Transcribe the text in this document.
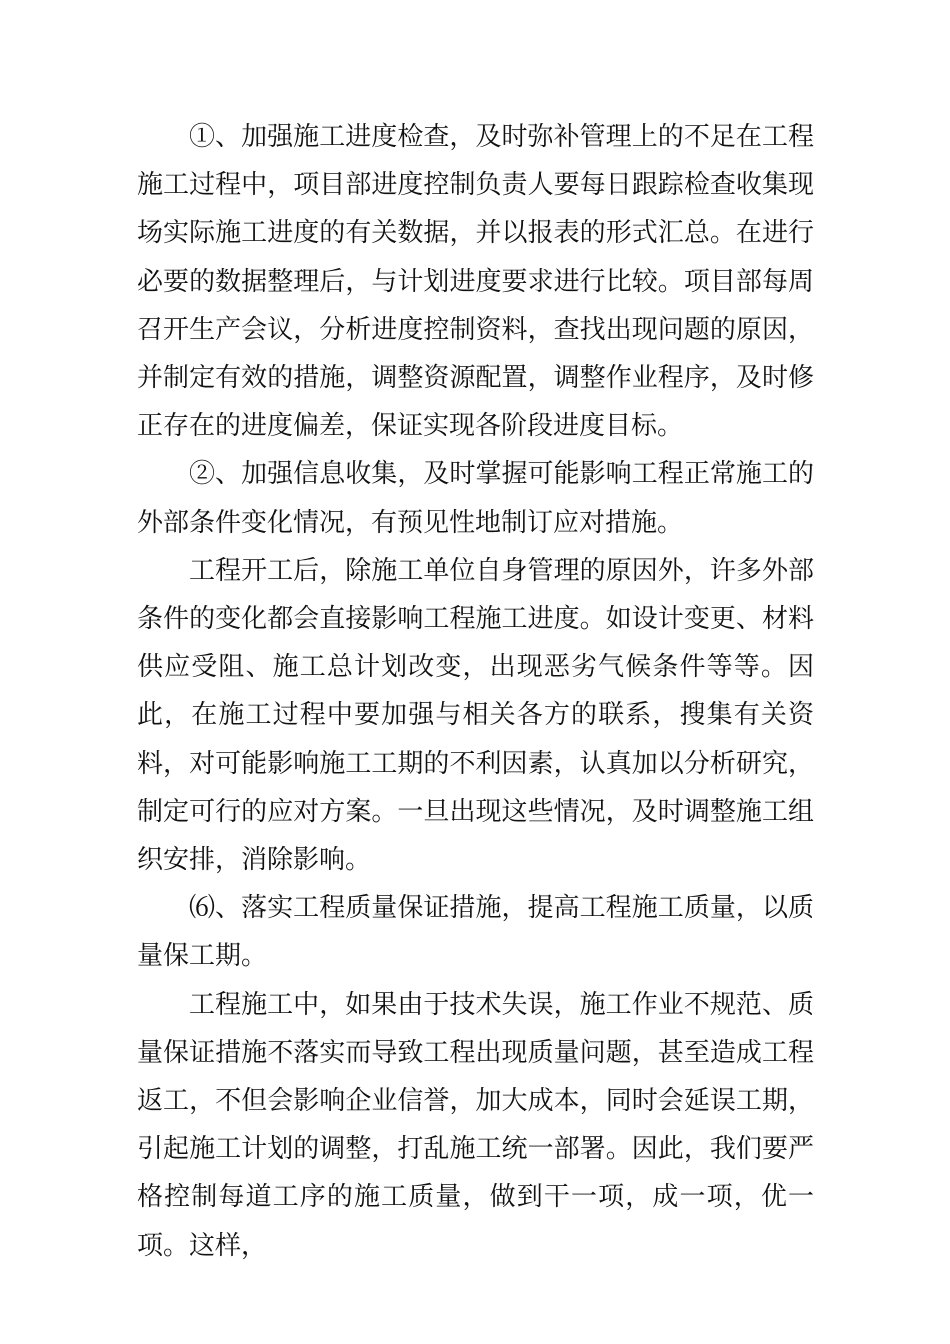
①、加强施工进度检查，及时弥补管理上的不足在工程施工过程中，项目部进度控制负责人要每日跟踪检查收集现场实际施工进度的有关数据，并以报表的形式汇总。在进行必要的数据整理后，与计划进度要求进行比较。项目部每周召开生产会议，分析进度控制资料，查找出现问题的原因，并制定有效的措施，调整资源配置，调整作业程序，及时修正存在的进度偏差，保证实现各阶段进度目标。

②、加强信息收集，及时掌握可能影响工程正常施工的外部条件变化情况，有预见性地制订应对措施。

工程开工后，除施工单位自身管理的原因外，许多外部条件的变化都会直接影响工程施工进度。如设计变更、材料供应受阻、施工总计划改变，出现恶劣气候条件等等。因此，在施工过程中要加强与相关各方的联系，搜集有关资料，对可能影响施工工期的不利因素，认真加以分析研究，制定可行的应对方案。一旦出现这些情况，及时调整施工组织安排，消除影响。

⑹、落实工程质量保证措施，提高工程施工质量，以质量保工期。

工程施工中，如果由于技术失误，施工作业不规范、质量保证措施不落实而导致工程出现质量问题，甚至造成工程返工，不但会影响企业信誉，加大成本，同时会延误工期，引起施工计划的调整，打乱施工统一部署。因此，我们要严格控制每道工序的施工质量，做到干一项，成一项，优一项。这样，
